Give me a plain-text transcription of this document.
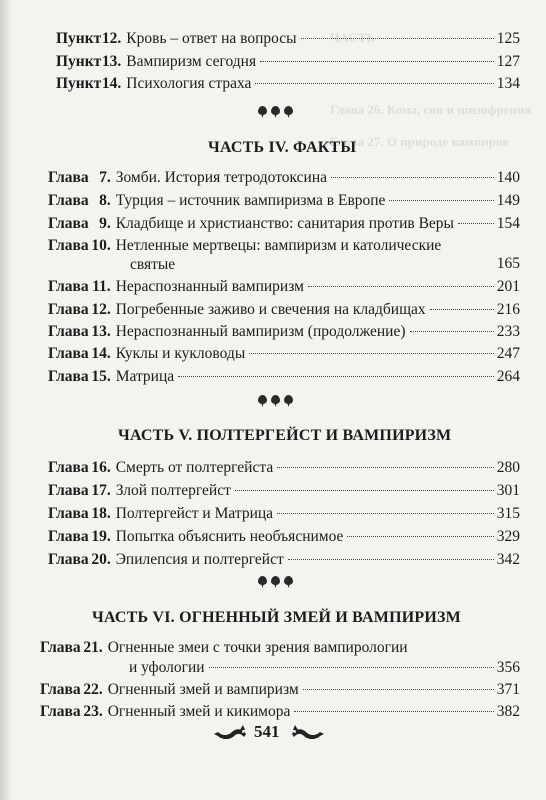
ЧАСТЬ
Глава 26. Кома, сон и шизофрения
Глава 27. О природе вампиров
Пункт 12. Кровь – ответ на вопросы	125
Пункт 13. Вампиризм сегодня	127
Пункт 14. Психология страха	134
ЧАСТЬ IV. ФАКТЫ
Глава 7. Зомби. История тетродотоксина	140
Глава 8. Турция – источник вампиризма в Европе	149
Глава 9. Кладбище и христианство: санитария против Веры	154
Глава 10. Нетленные мертвецы: вампиризм и католические
святые	165
Глава 11. Нераспознанный вампиризм	201
Глава 12. Погребенные заживо и свечения на кладбищах	216
Глава 13. Нераспознанный вампиризм (продолжение)	233
Глава 14. Куклы и кукловоды	247
Глава 15. Матрица	264
ЧАСТЬ V. ПОЛТЕРГЕЙСТ И ВАМПИРИЗМ
Глава 16. Смерть от полтергейста	280
Глава 17. Злой полтергейст	301
Глава 18. Полтергейст и Матрица	315
Глава 19. Попытка объяснить необъяснимое	329
Глава 20. Эпилепсия и полтергейст	342
ЧАСТЬ VI. ОГНЕННЫЙ ЗМЕЙ И ВАМПИРИЗМ
Глава 21. Огненные змеи с точки зрения вампирологии
и уфологии	356
Глава 22. Огненный змей и вампиризм	371
Глава 23. Огненный змей и кикимора	382
541
